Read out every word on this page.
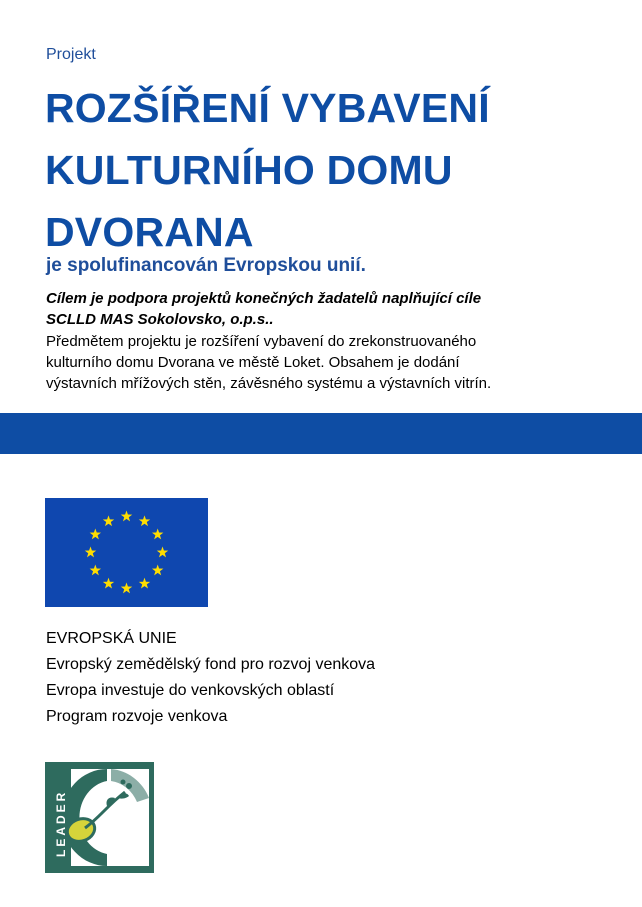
Projekt
ROZŠÍŘENÍ VYBAVENÍ
KULTURNÍHO DOMU
DVORANA
je spolufinancován Evropskou unií.
Cílem je podpora projektů konečných žadatelů naplňující cíle
SCLLD MAS Sokolovsko, o.p.s..
Předmětem projektu je rozšíření vybavení do zrekonstruovaného
kulturního domu Dvorana ve městě Loket. Obsahem je dodání
výstavních mřížových stěn, závěsného systému a výstavních vitrín.
EVROPSKÁ UNIE
Evropský zemědělský fond pro rozvoj venkova
Evropa investuje do venkovských oblastí
Program rozvoje venkova
LEADER
